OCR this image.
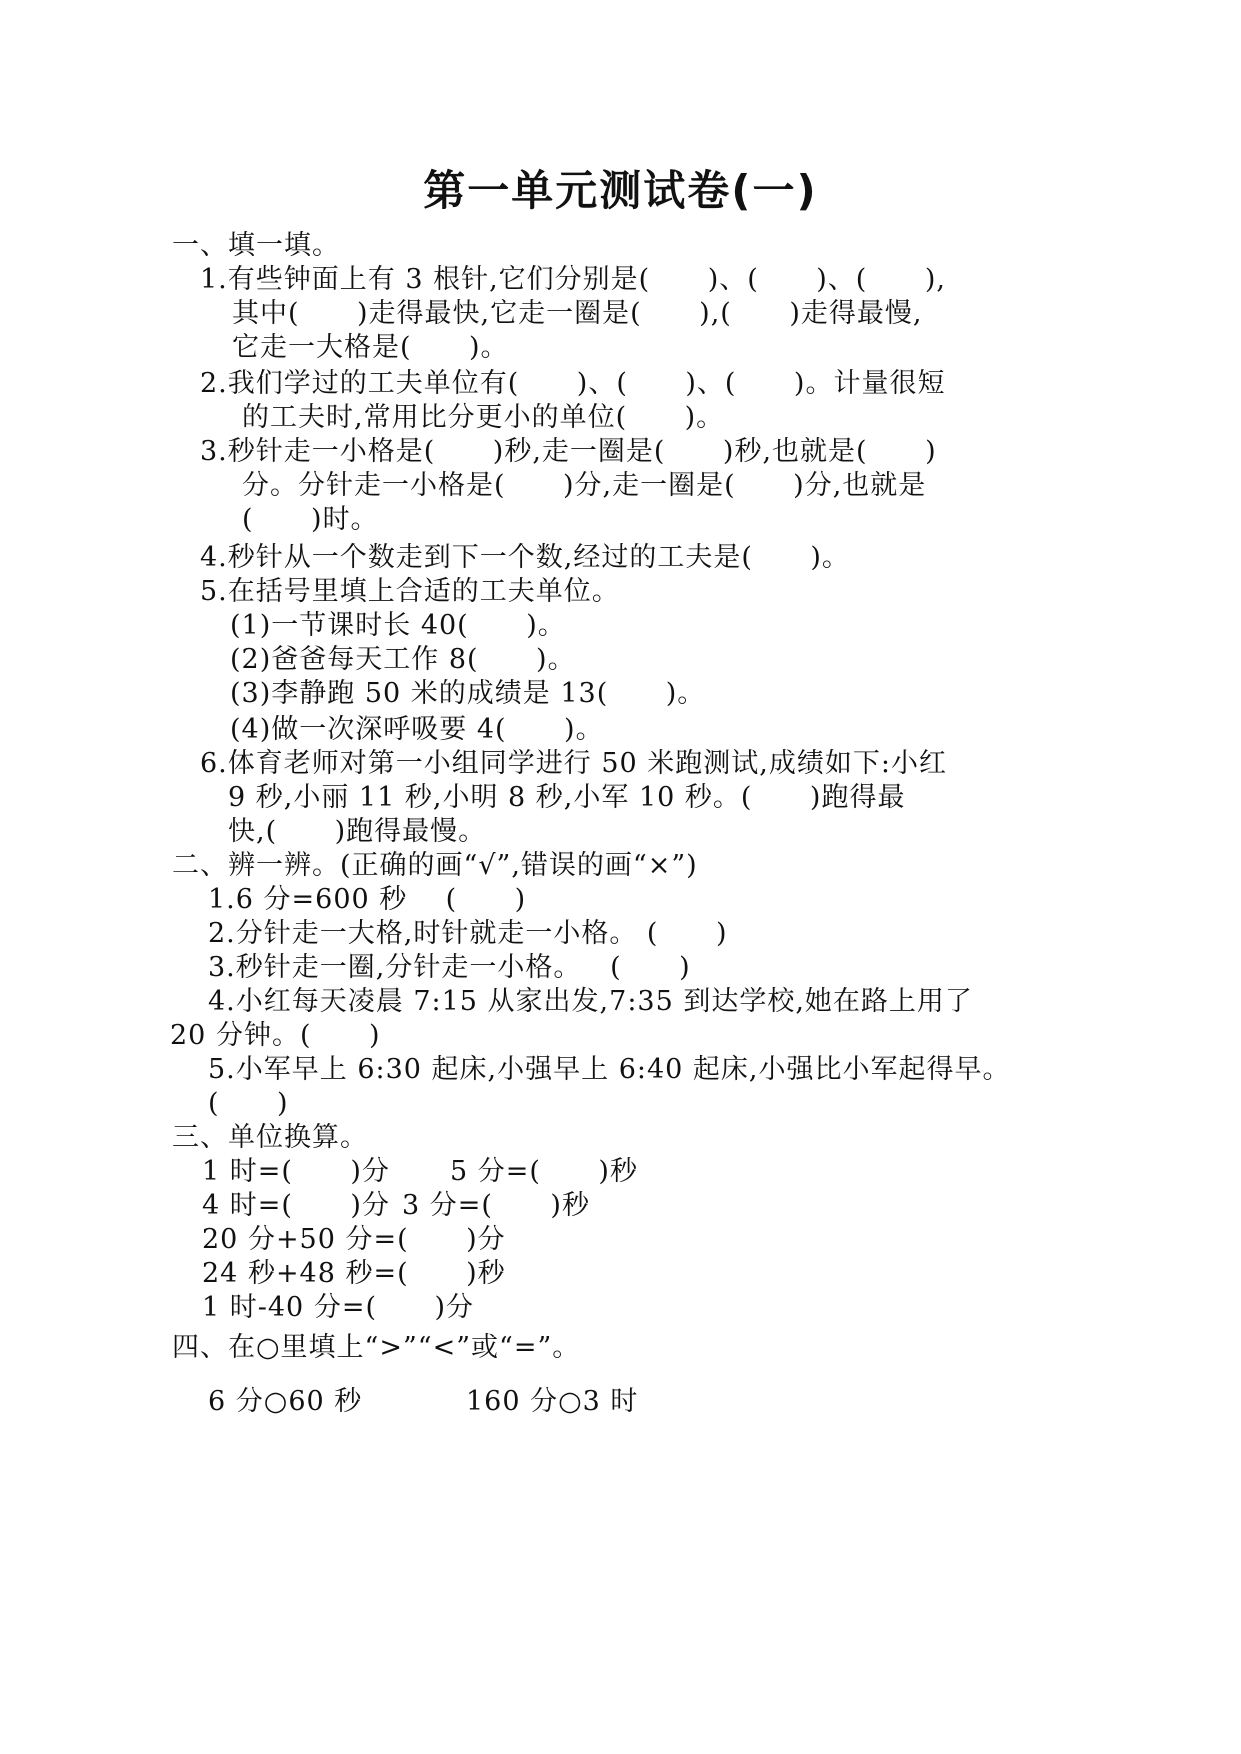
第一单元测试卷(一)
一、填一填。
1.有些钟面上有 3 根针,它们分别是(      )、(      )、(      ),
其中(      )走得最快,它走一圈是(      ),(      )走得最慢,
它走一大格是(      )。
2.我们学过的工夫单位有(      )、(      )、(      )。计量很短
的工夫时,常用比分更小的单位(      )。
3.秒针走一小格是(      )秒,走一圈是(      )秒,也就是(      )
分。分针走一小格是(      )分,走一圈是(      )分,也就是
(      )时。
4.秒针从一个数走到下一个数,经过的工夫是(      )。
5.在括号里填上合适的工夫单位。
(1)一节课时长 40(      )。
(2)爸爸每天工作 8(      )。
(3)李静跑 50 米的成绩是 13(      )。
(4)做一次深呼吸要 4(      )。
6.体育老师对第一小组同学进行 50 米跑测试,成绩如下:小红
9 秒,小丽 11 秒,小明 8 秒,小军 10 秒。(      )跑得最
快,(      )跑得最慢。
二、辨一辨。(正确的画“√”,错误的画“×”)
1.6 分=600 秒    (      )
2.分针走一大格,时针就走一小格。 (      )
3.秒针走一圈,分针走一小格。   (      )
4.小红每天凌晨 7:15 从家出发,7:35 到达学校,她在路上用了
20 分钟。(      )
5.小军早上 6:30 起床,小强早上 6:40 起床,小强比小军起得早。
(      )
三、单位换算。
1 时=(      )分 5 分=(      )秒
4 时=(      )分 3 分=(      )秒
20 分+50 分=(      )分
24 秒+48 秒=(      )秒
1 时-40 分=(      )分
四、在○里填上“>”“<”或“=”。
6 分○60 秒	160 分○3 时
